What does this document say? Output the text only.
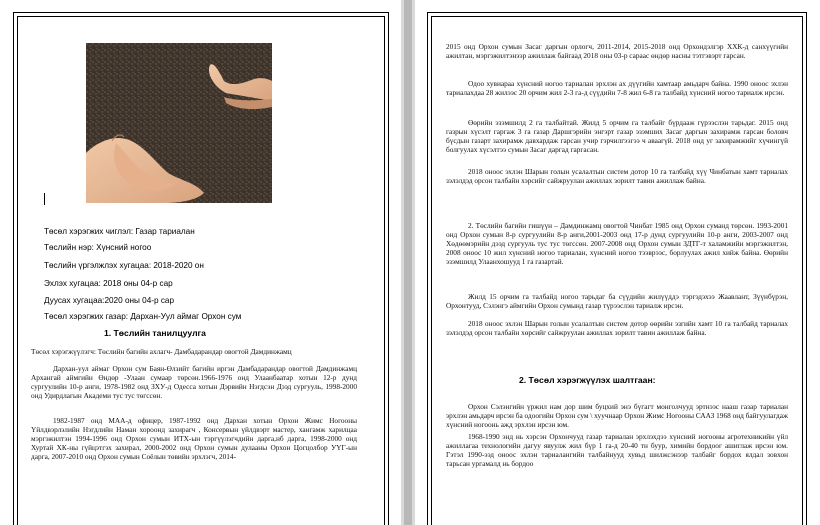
Төсөл хэрэгжих чиглэл: Газар тариалан
Төслийн нэр: Хүнсний ногоо
Төслийн үргэлжлэх хугацаа: 2018-2020 он
Эхлэх хугацаа: 2018 оны 04-р сар
Дуусах хугацаа:2020 оны 04-р сар
Төсөл хэрэгжих газар: Дархан-Уул аймаг Орхон сум
1. Төслийн танилцуулга
Төсөл хэрэгжүүлэгч: Төслийн багийн ахлагч- Дамбадарандар овогтой Дамдинжамц
Дархан-уул аймаг Орхон сум Баян-Өлзийт багийн иргэн Дамбадарандар овогтой Дамдинжамц Архангай аймгийн Өндөр -Улаан сумаар төрсөн.1966-1976 онд Улаанбаатар хотын 12-р дунд сургуулийн 10-р анги, 1978-1982 онд ЗХУ-д Одесса хотын Дэрвийн Нэгдсэн Дээд сургууль, 1998-2000 онд Удирдлагын Академи тус тус төгссөн.
1982-1987 онд МАА-д офицер, 1987-1992 онд Дархан хотын Орхон Жимс Ногооны Үйлдвэрлэлийн Нэгдлийн Наман хороонд захирагч , Консервын үйлдвэрт мастер, хангамж харилцаа мэргэжилтэн 1994-1996 онд Орхон сумын ИТХ-ын тэргүүлэгчдийн дарга,нб дарга, 1998-2000 онд Хуртай ХК-ны гүйцэтгэх захирал, 2000-2002 онд Орхон сумын дулааны Орхон Цогцолбор УҮГ-ын дарга, 2007-2010 онд Орхон сумын Соёлын төвийн эрхлэгч, 2014-
2015 онд Орхон сумын Засаг даргын орлогч, 2011-2014, 2015-2018 онд Орхондэлгэр ХХК-д санхүүгийн ажилтан, мэргэжилтэнээр ажиллаж байгаад 2018 оны 03-р сараас өндөр насны тэтгэвэрт гарсан.
Одоо хувиараа хүнсний ногоо тариалан эрхлэн ах дүүгийн хамтаар амьдарч байна. 1990 онооc эхлэн тариалахдаа 28 жилээс 20 орчим жил 2-3 га-д сүүдийн 7-8 жил 6-8 га талбайд хүнсний ногоо тариалж ирсэн.
Өөрийн эзэмшилд 2 га талбайтай. Жилд 5 орчим га талбайг бүрдааж гүрээслэн тарьдаг. 2015 онд газрын хүсэлт гаргаж 3 га газар Даршгэрийн энгэрт газар эзэмших Засаг даргын захирамж гарсан боловч бүсдын газарт захирамж давхардаж гарсан учир гэрчилгээгээ ч аваагүй. 2018 онд уг захирамжийг хүчингүй болгуулах хүсэлтээ сумын Засаг даргад гаргасан.
2018 онооc эхлэн Шарын голын усалалтын систем дотор 10 га талбайд хүү Чинбатын хамт тариалах зэлэлдэд орсон талбайн хэрсийг сайжруулан ажиллах зорилт тавин ажиллаж байна.
2. Төслийн багийн гишүүн – Дамдинжамц овогтой Чинбат 1985 онд Орхон суманд төрсөн. 1993-2001 онд Орхон сумын 8-р сургуулийн 8-р анги,2001-2003 онд 17-р дунд сургуулийн 10-р анги, 2003-2007 онд Хөдөөмэрийн дээд сургууль тус тус төгссөн. 2007-2008 онд Орхон сумын ЗДТГ-т халамжийн мэргэжилтэн, 2008 онооc 10 жил хүнсний ногоо тариалан, хүнсний ногоо тээврээс, борлуулах ажил хийж байна. Өөрийн эзэмшилд Улаанхошууд 1 га газартай.
Жилд 15 орчим га талбайд ногоо тарьдаг ба сүүдийн жилүүддэ тэргэдэхээ Жаавлант, Зүүнбүрэн, Орхонтууд, Сэлэнгэ аймгийн Орхон сумынд газар түрээслэн тариалж ирсэн.
2018 онооc эхлэн Шарын голын усалалтын систем дотор өөрийн эзгийн хамт 10 га талбайд тариалах зэлэлдэд орсон талбайн хөрсийг сайжруулан ажиллах зорилт тавин ажиллаж байна.
2. Төсөл хэрэгжүүлэх шалтгаан:
Орхон Сэлэнгийн үржил нам дор шим буцхий энэ бүгагт монголчууд эртнээс нааш газар тариалан эрхлэн амьдарч ирсэн ба одоогийн Орхон сум \ хуучнаар Орхон Жимс Ногооны СААЗ 1968 онд байгуулагдаж хүнсний ногоонь ажд эрхлэн ирсэн юм.
1968-1990 энд нь хэрсэн Орхончууд газар тариалан эрхлэхдээ хүнсний ногооны агротехникийн үйл ажиллагаа технологийн дагуу явуулж жил бүр 1 га-д 20-40 тн буур, химийн бордоог ашиглаж ирсэн юм. Гэтэл 1990-ээд оноос эхлэн тариалангийн талбайнууд хувьд шилжсэнээр талбайг бордох ялдал зовхон тарьсан ургамалд нь бордоо
